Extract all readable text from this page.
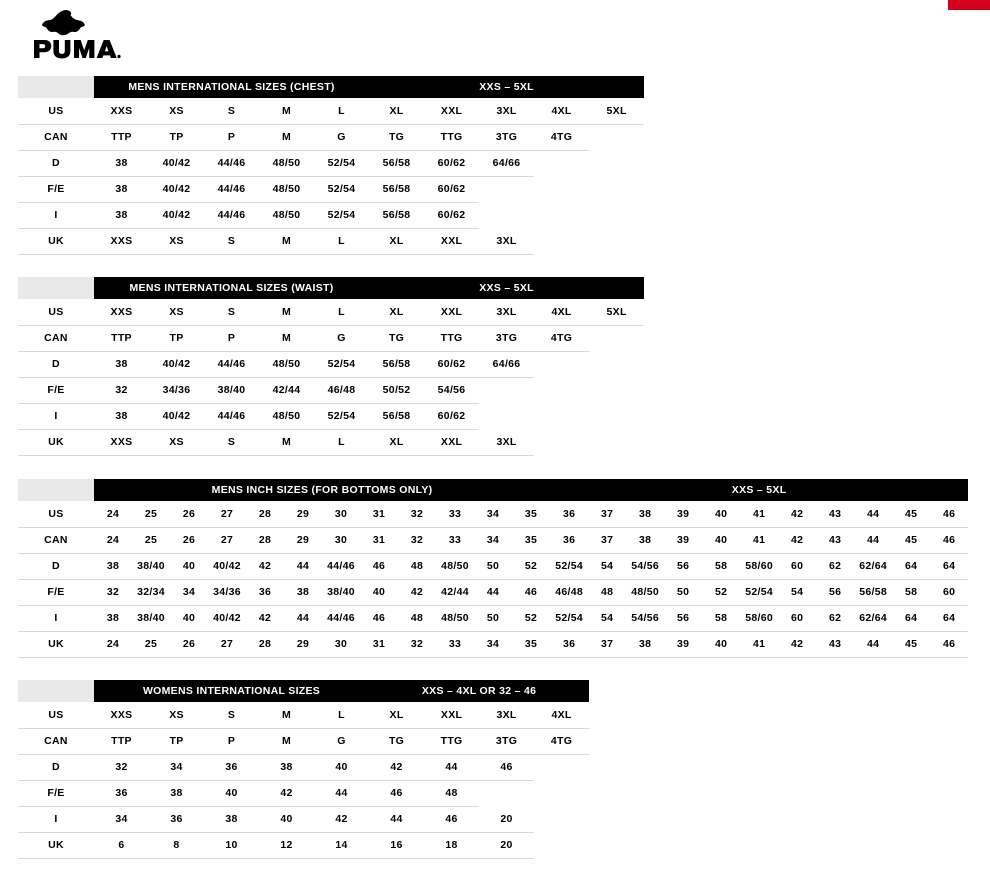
	MENS INTERNATIONAL SIZES (CHEST)					XXS – 5XL				
US	XXS	XS	S	M	L	XL	XXL	3XL	4XL	5XL
CAN	TTP	TP	P	M	G	TG	TTG	3TG	4TG	
D	38	40/42	44/46	48/50	52/54	56/58	60/62	64/66		
F/E	38	40/42	44/46	48/50	52/54	56/58	60/62			
I	38	40/42	44/46	48/50	52/54	56/58	60/62			
UK	XXS	XS	S	M	L	XL	XXL	3XL		
	MENS INTERNATIONAL SIZES (WAIST)					XXS – 5XL				
US	XXS	XS	S	M	L	XL	XXL	3XL	4XL	5XL
CAN	TTP	TP	P	M	G	TG	TTG	3TG	4TG	
D	38	40/42	44/46	48/50	52/54	56/58	60/62	64/66		
F/E	32	34/36	38/40	42/44	46/48	50/52	54/56			
I	38	40/42	44/46	48/50	52/54	56/58	60/62			
UK	XXS	XS	S	M	L	XL	XXL	3XL		
	MENS INCH SIZES (FOR BOTTOMS ONLY)												XXS – 5XL										
US	24	25	26	27	28	29	30	31	32	33	34	35	36	37	38	39	40	41	42	43	44	45	46
CAN	24	25	26	27	28	29	30	31	32	33	34	35	36	37	38	39	40	41	42	43	44	45	46
D	38	38/40	40	40/42	42	44	44/46	46	48	48/50	50	52	52/54	54	54/56	56	58	58/60	60	62	62/64	64	64
F/E	32	32/34	34	34/36	36	38	38/40	40	42	42/44	44	46	46/48	48	48/50	50	52	52/54	54	56	56/58	58	60
I	38	38/40	40	40/42	42	44	44/46	46	48	48/50	50	52	52/54	54	54/56	56	58	58/60	60	62	62/64	64	64
UK	24	25	26	27	28	29	30	31	32	33	34	35	36	37	38	39	40	41	42	43	44	45	46
	WOMENS INTERNATIONAL SIZES					XXS – 4XL OR 32 – 46			
US	XXS	XS	S	M	L	XL	XXL	3XL	4XL
CAN	TTP	TP	P	M	G	TG	TTG	3TG	4TG
D	32	34	36	38	40	42	44	46	
F/E	36	38	40	42	44	46	48		
I	34	36	38	40	42	44	46	20	
UK	6	8	10	12	14	16	18	20	
